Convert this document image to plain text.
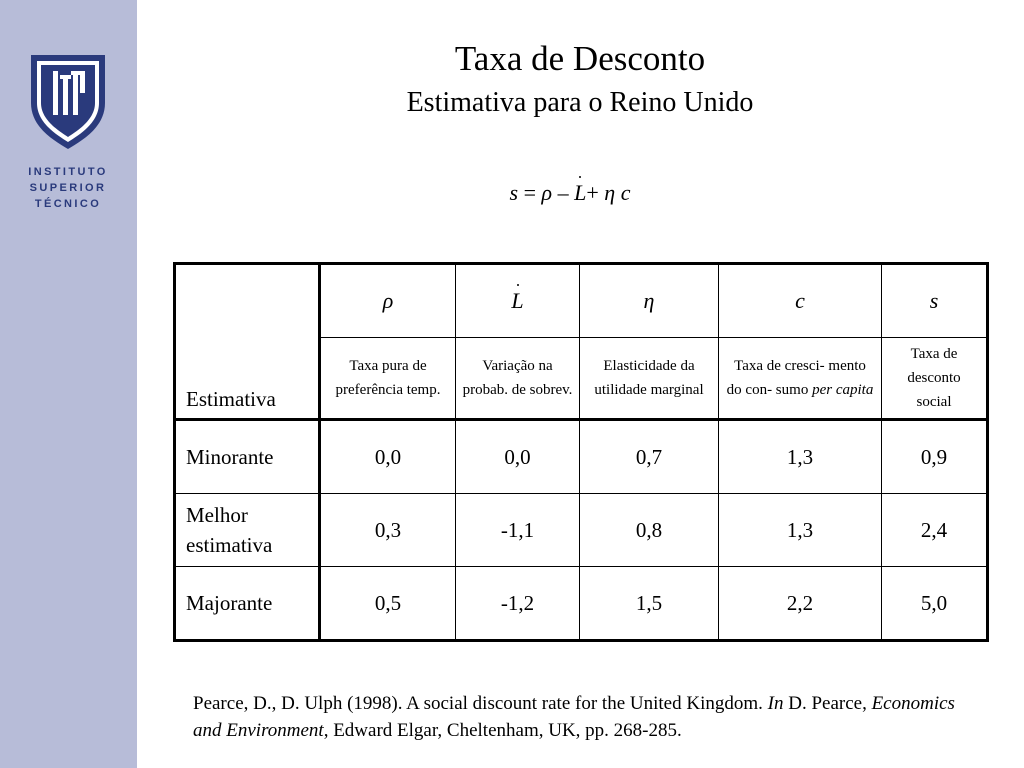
INSTITUTO
SUPERIOR
TÉCNICO
Taxa de Desconto
Estimativa para o Reino Unido
s = ρ – L+ η c
Estimativa	ρ	L	η	c	s
	Taxa pura de preferência temp.	Variação na probab. de sobrev.	Elasticidade da utilidade marginal	Taxa de cresci- mento do con- sumo per capita	Taxa de desconto social
Minorante	0,0	0,0	0,7	1,3	0,9
Melhor estimativa	0,3	-1,1	0,8	1,3	2,4
Majorante	0,5	-1,2	1,5	2,2	5,0
Pearce, D., D. Ulph (1998). A social discount rate for the United Kingdom. In D. Pearce, Economics and Environment, Edward Elgar, Cheltenham, UK, pp. 268-285.
